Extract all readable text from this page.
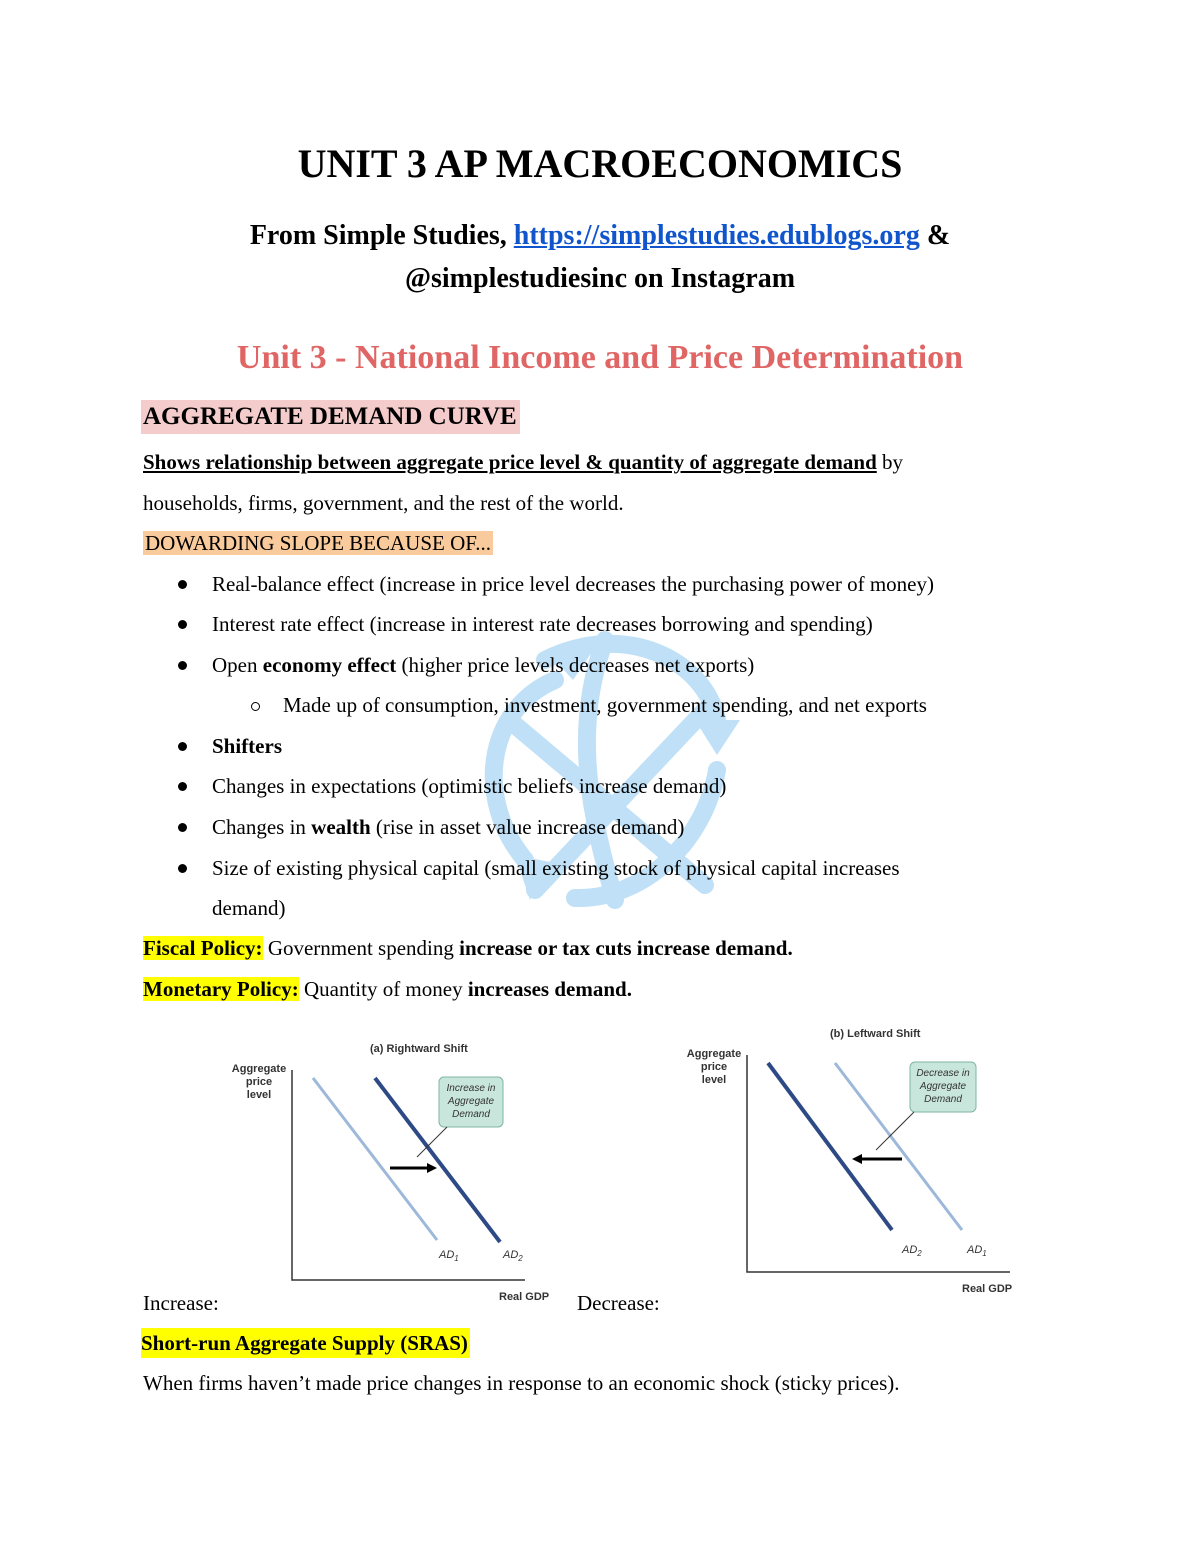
UNIT 3 AP MACROECONOMICS
From Simple Studies, https://simplestudies.edublogs.org &
@simplestudiesinc on Instagram
Unit 3 - National Income and Price Determination
AGGREGATE DEMAND CURVE
Shows relationship between aggregate price level & quantity of aggregate demand by
households, firms, government, and the rest of the world.
DOWARDING SLOPE BECAUSE OF...
Real-balance effect (increase in price level decreases the purchasing power of money)
Interest rate effect (increase in interest rate decreases borrowing and spending)
Open economy effect (higher price levels decreases net exports)
Made up of consumption, investment, government spending, and net exports
Shifters
Changes in expectations (optimistic beliefs increase demand)
Changes in wealth (rise in asset value increase demand)
Size of existing physical capital (small existing stock of physical capital increases
demand)
Fiscal Policy: Government spending increase or tax cuts increase demand.
Monetary Policy: Quantity of money increases demand.
(a) Rightward Shift
Aggregate
price
level
Increase in
Aggregate
Demand
$AD_1$	$AD_2$
Real GDP
(b) Leftward Shift
Aggregate
price
level
Decrease in
Aggregate
Demand
$AD_2$	$AD_1$
Real GDP
Increase:	Decrease:
Short-run Aggregate Supply (SRAS)
When firms haven’t made price changes in response to an economic shock (sticky prices).
